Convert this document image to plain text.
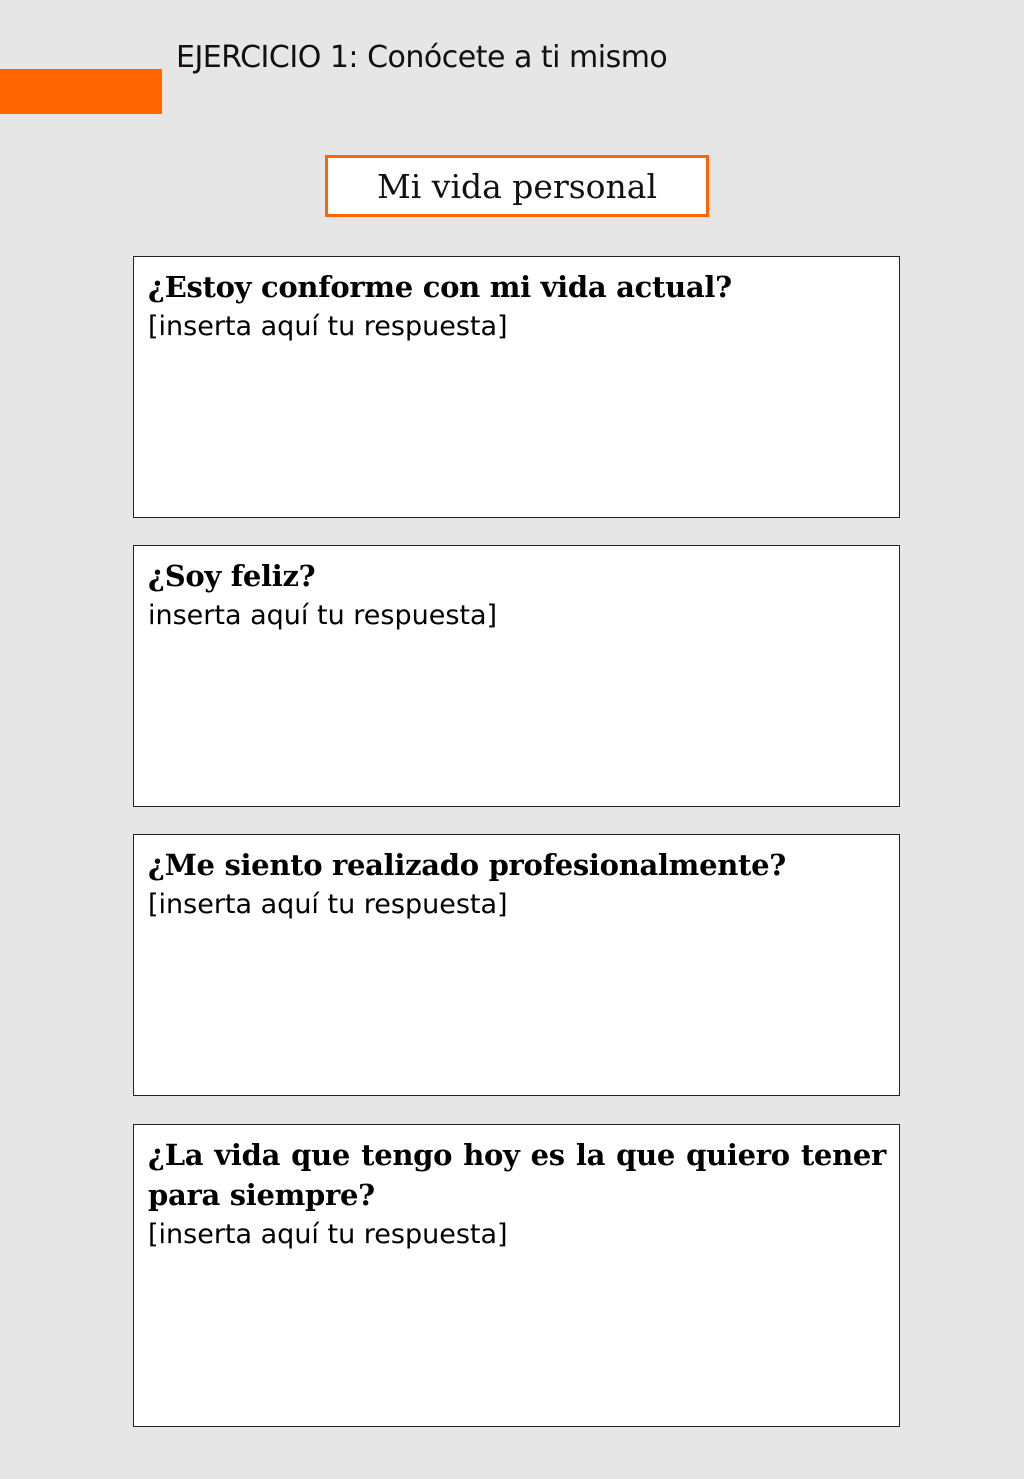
EJERCICIO 1: Conócete a ti mismo
Mi vida personal
¿Estoy conforme con mi vida actual?
[inserta aquí tu respuesta]
¿Soy feliz?
inserta aquí tu respuesta]
¿Me siento realizado profesionalmente?
[inserta aquí tu respuesta]
¿La vida que tengo hoy es la que quiero tener para siempre?
[inserta aquí tu respuesta]
